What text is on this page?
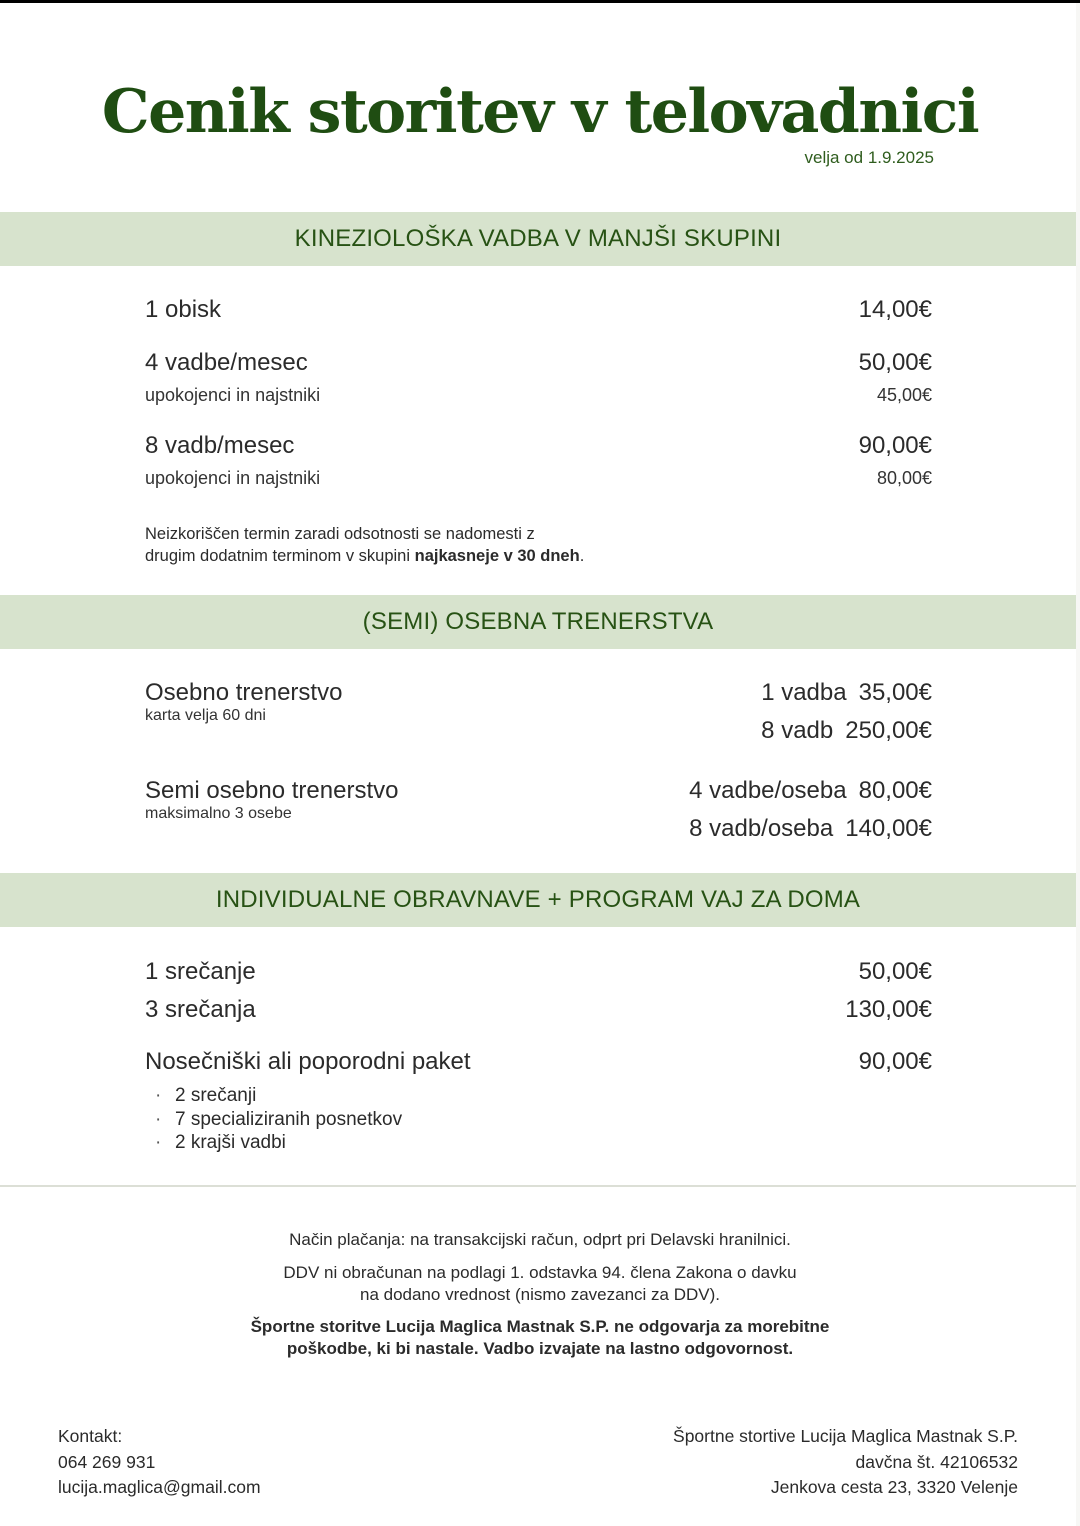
Cenik storitev v telovadnici
velja od 1.9.2025
KINEZIOLOŠKA VADBA V MANJŠI SKUPINI
1 obisk	14,00€
4 vadbe/mesec	50,00€
upokojenci in najstniki	45,00€
8 vadb/mesec	90,00€
upokojenci in najstniki	80,00€
Neizkoriščen termin zaradi odsotnosti se nadomesti z
drugim dodatnim terminom v skupini najkasneje v 30 dneh.
(SEMI) OSEBNA TRENERSTVA
Osebno trenerstvo
karta velja 60 dni
1 vadba 35,00€
8 vadb 250,00€
Semi osebno trenerstvo
maksimalno 3 osebe
4 vadbe/oseba 80,00€
8 vadb/oseba 140,00€
INDIVIDUALNE OBRAVNAVE + PROGRAM VAJ ZA DOMA
1 srečanje	50,00€
3 srečanja	130,00€
Nosečniški ali poporodni paket	90,00€
· 2 srečanji
· 7 specializiranih posnetkov
· 2 krajši vadbi
Način plačanja: na transakcijski račun, odprt pri Delavski hranilnici.
DDV ni obračunan na podlagi 1. odstavka 94. člena Zakona o davku
na dodano vrednost (nismo zavezanci za DDV).
Športne storitve Lucija Maglica Mastnak S.P. ne odgovarja za morebitne
poškodbe, ki bi nastale. Vadbo izvajate na lastno odgovornost.
Kontakt:
064 269 931
lucija.maglica@gmail.com
Športne stortive Lucija Maglica Mastnak S.P.
davčna št. 42106532
Jenkova cesta 23, 3320 Velenje
